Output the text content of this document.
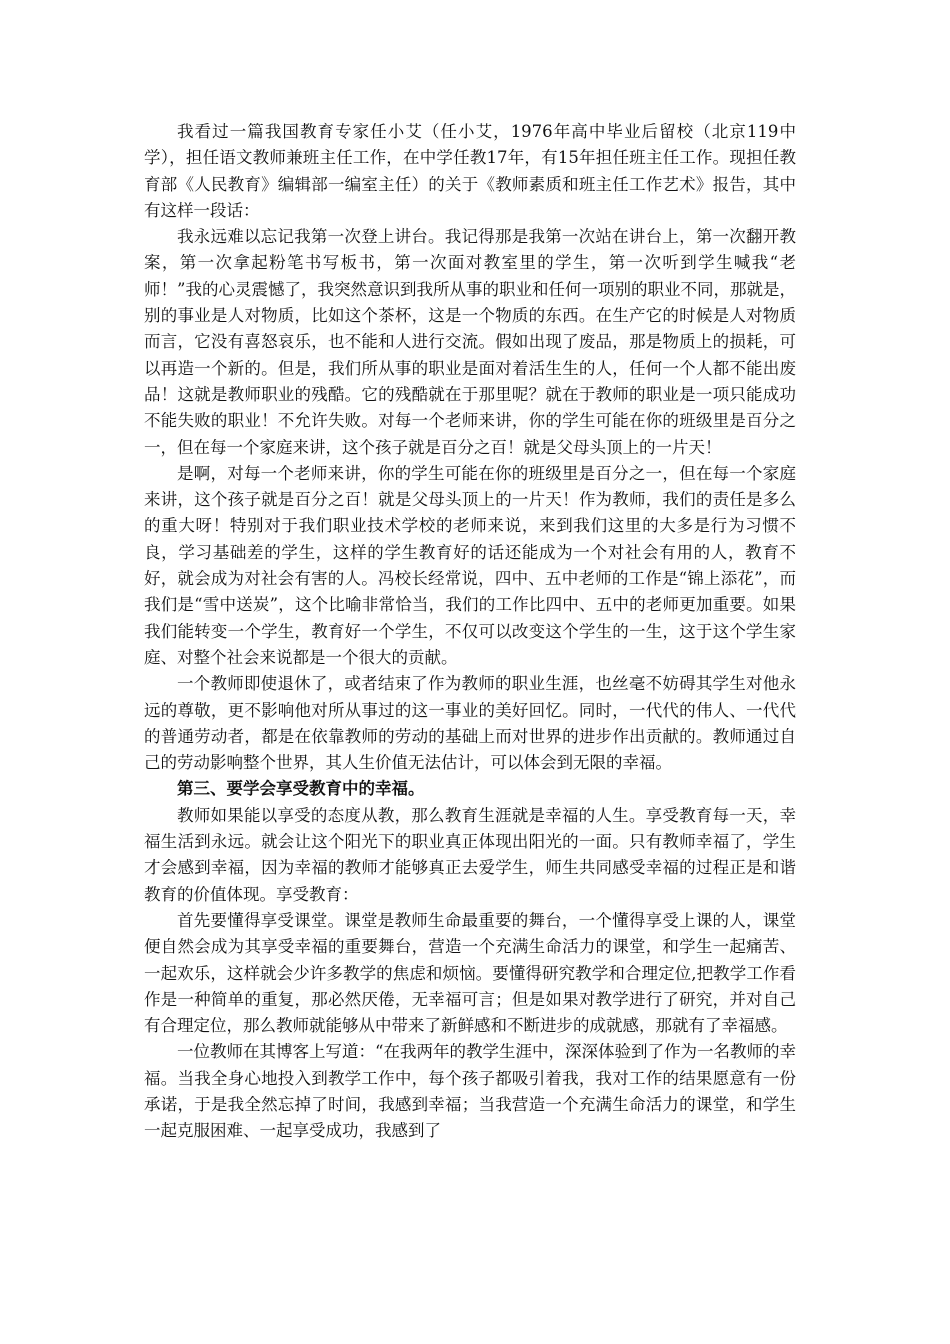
我看过一篇我国教育专家任小艾（任小艾，1976年高中毕业后留校（北京119中学），担任语文教师兼班主任工作，在中学任教17年，有15年担任班主任工作。现担任教育部《人民教育》编辑部一编室主任）的关于《教师素质和班主任工作艺术》报告，其中有这样一段话：

我永远难以忘记我第一次登上讲台。我记得那是我第一次站在讲台上，第一次翻开教案，第一次拿起粉笔书写板书，第一次面对教室里的学生，第一次听到学生喊我“老师！”我的心灵震憾了，我突然意识到我所从事的职业和任何一项别的职业不同，那就是，别的事业是人对物质，比如这个茶杯，这是一个物质的东西。在生产它的时候是人对物质而言，它没有喜怒哀乐，也不能和人进行交流。假如出现了废品，那是物质上的损耗，可以再造一个新的。但是，我们所从事的职业是面对着活生生的人，任何一个人都不能出废品！这就是教师职业的残酷。它的残酷就在于那里呢？就在于教师的职业是一项只能成功不能失败的职业！不允许失败。对每一个老师来讲，你的学生可能在你的班级里是百分之一，但在每一个家庭来讲，这个孩子就是百分之百！就是父母头顶上的一片天！

是啊，对每一个老师来讲，你的学生可能在你的班级里是百分之一，但在每一个家庭来讲，这个孩子就是百分之百！就是父母头顶上的一片天！作为教师，我们的责任是多么的重大呀！特别对于我们职业技术学校的老师来说，来到我们这里的大多是行为习惯不良，学习基础差的学生，这样的学生教育好的话还能成为一个对社会有用的人，教育不好，就会成为对社会有害的人。冯校长经常说，四中、五中老师的工作是“锦上添花”，而我们是“雪中送炭”，这个比喻非常恰当，我们的工作比四中、五中的老师更加重要。如果我们能转变一个学生，教育好一个学生，不仅可以改变这个学生的一生，这于这个学生家庭、对整个社会来说都是一个很大的贡献。

一个教师即使退休了，或者结束了作为教师的职业生涯，也丝毫不妨碍其学生对他永远的尊敬，更不影响他对所从事过的这一事业的美好回忆。同时，一代代的伟人、一代代的普通劳动者，都是在依靠教师的劳动的基础上而对世界的进步作出贡献的。教师通过自己的劳动影响整个世界，其人生价值无法估计，可以体会到无限的幸福。

第三、要学会享受教育中的幸福。

教师如果能以享受的态度从教，那么教育生涯就是幸福的人生。享受教育每一天，幸福生活到永远。就会让这个阳光下的职业真正体现出阳光的一面。只有教师幸福了，学生才会感到幸福，因为幸福的教师才能够真正去爱学生，师生共同感受幸福的过程正是和谐教育的价值体现。享受教育：

首先要懂得享受课堂。课堂是教师生命最重要的舞台，一个懂得享受上课的人，课堂便自然会成为其享受幸福的重要舞台，营造一个充满生命活力的课堂，和学生一起痛苦、一起欢乐，这样就会少许多教学的焦虑和烦恼。要懂得研究教学和合理定位,把教学工作看作是一种简单的重复，那必然厌倦，无幸福可言；但是如果对教学进行了研究，并对自己有合理定位，那么教师就能够从中带来了新鲜感和不断进步的成就感，那就有了幸福感。

一位教师在其博客上写道：“在我两年的教学生涯中，深深体验到了作为一名教师的幸福。当我全身心地投入到教学工作中，每个孩子都吸引着我，我对工作的结果愿意有一份承诺，于是我全然忘掉了时间，我感到幸福；当我营造一个充满生命活力的课堂，和学生一起克服困难、一起享受成功，我感到了
